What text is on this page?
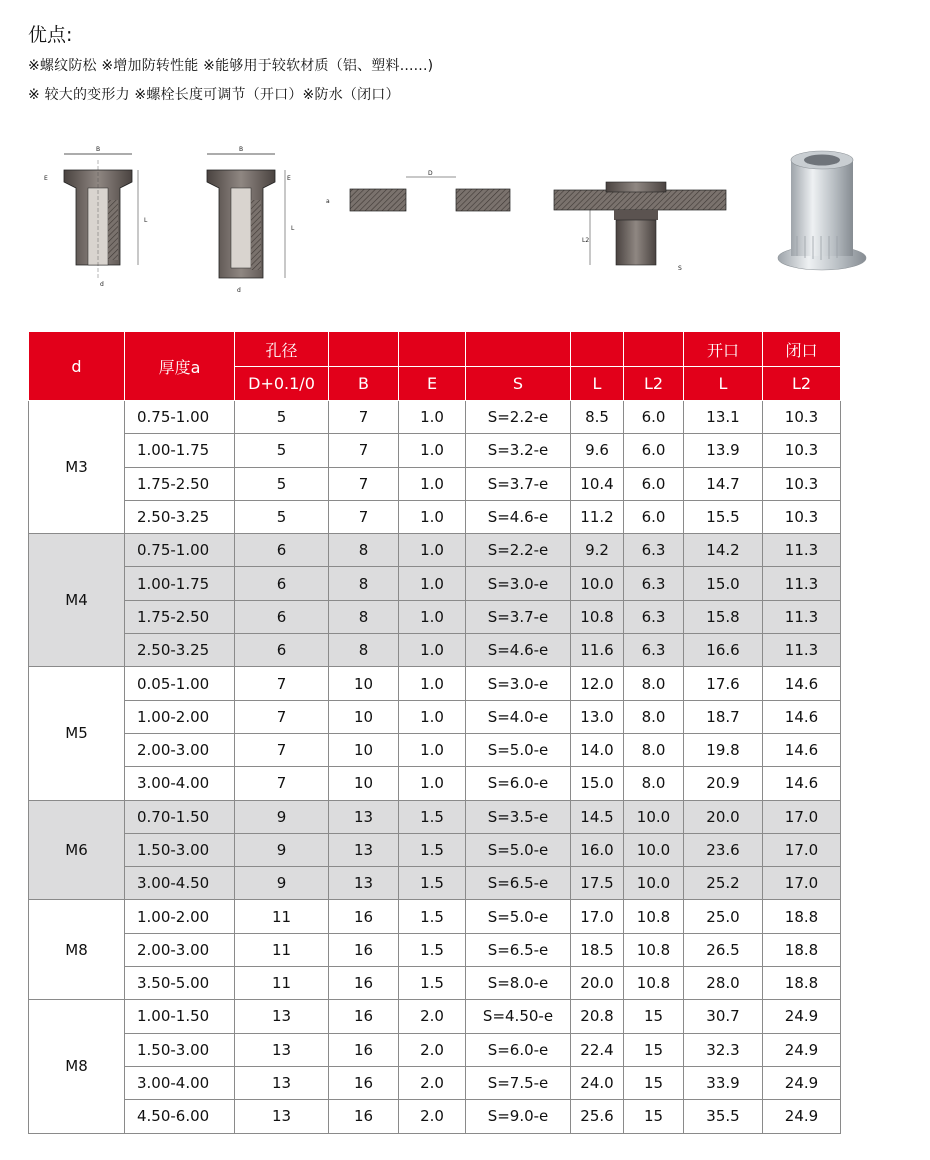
优点:
※螺纹防松 ※增加防转性能 ※能够用于较软材质（铝、塑料......)
※ 较大的变形力 ※螺栓长度可调节（开口）※防水（闭口）
B
L
E
d
B
L
E
d
D
a
L2
S
d	厚度a	孔径						开口	闭口
		D+0.1/0	B	E	S	L	L2	L	L2
M3	0.75-1.00	5	7	1.0	S=2.2-e	8.5	6.0	13.1	10.3
	1.00-1.75	5	7	1.0	S=3.2-e	9.6	6.0	13.9	10.3
	1.75-2.50	5	7	1.0	S=3.7-e	10.4	6.0	14.7	10.3
	2.50-3.25	5	7	1.0	S=4.6-e	11.2	6.0	15.5	10.3
M4	0.75-1.00	6	8	1.0	S=2.2-e	9.2	6.3	14.2	11.3
	1.00-1.75	6	8	1.0	S=3.0-e	10.0	6.3	15.0	11.3
	1.75-2.50	6	8	1.0	S=3.7-e	10.8	6.3	15.8	11.3
	2.50-3.25	6	8	1.0	S=4.6-e	11.6	6.3	16.6	11.3
M5	0.05-1.00	7	10	1.0	S=3.0-e	12.0	8.0	17.6	14.6
	1.00-2.00	7	10	1.0	S=4.0-e	13.0	8.0	18.7	14.6
	2.00-3.00	7	10	1.0	S=5.0-e	14.0	8.0	19.8	14.6
	3.00-4.00	7	10	1.0	S=6.0-e	15.0	8.0	20.9	14.6
M6	0.70-1.50	9	13	1.5	S=3.5-e	14.5	10.0	20.0	17.0
	1.50-3.00	9	13	1.5	S=5.0-e	16.0	10.0	23.6	17.0
	3.00-4.50	9	13	1.5	S=6.5-e	17.5	10.0	25.2	17.0
M8	1.00-2.00	11	16	1.5	S=5.0-e	17.0	10.8	25.0	18.8
	2.00-3.00	11	16	1.5	S=6.5-e	18.5	10.8	26.5	18.8
	3.50-5.00	11	16	1.5	S=8.0-e	20.0	10.8	28.0	18.8
M8	1.00-1.50	13	16	2.0	S=4.50-e	20.8	15	30.7	24.9
	1.50-3.00	13	16	2.0	S=6.0-e	22.4	15	32.3	24.9
	3.00-4.00	13	16	2.0	S=7.5-e	24.0	15	33.9	24.9
	4.50-6.00	13	16	2.0	S=9.0-e	25.6	15	35.5	24.9
